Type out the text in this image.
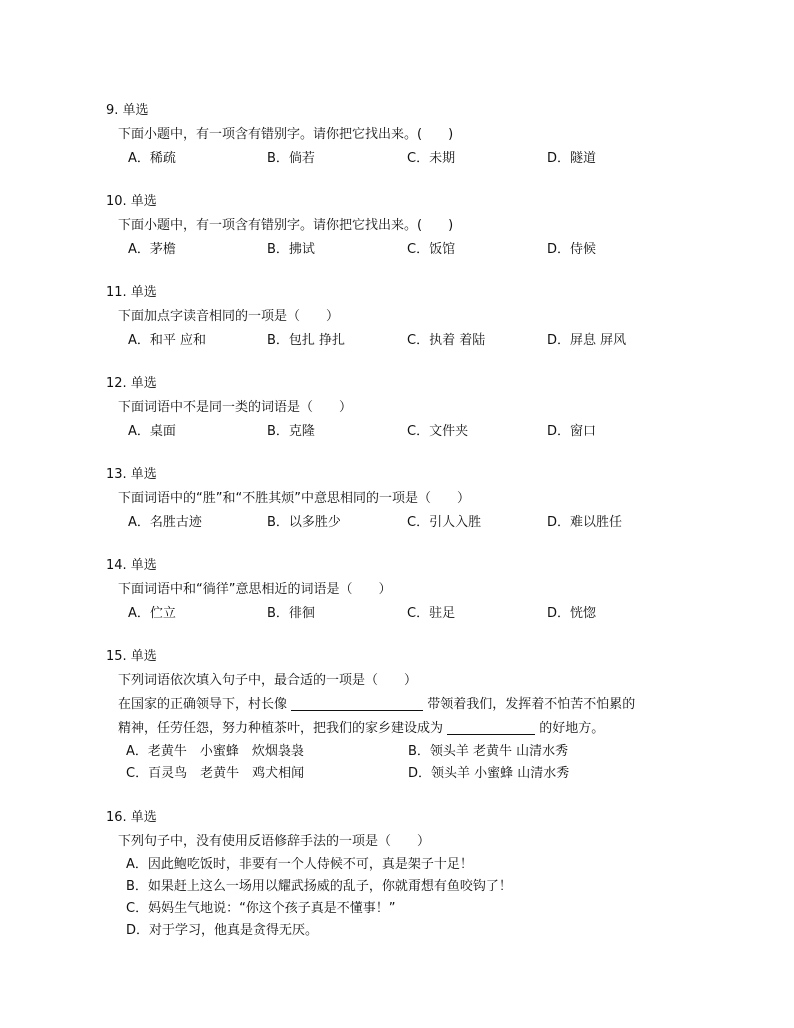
9. 单选
下面小题中，有一项含有错别字。请你把它找出来。(　　)
A．稀疏	B．倘若	C．未期	D．隧道
10. 单选
下面小题中，有一项含有错别字。请你把它找出来。(　　)
A．茅檐	B．拂试	C．饭馆	D．侍候
11. 单选
下面加点字读音相同的一项是（　　）
A．和平 应和	B．包扎 挣扎	C．执着 着陆	D．屏息 屏风
12. 单选
下面词语中不是同一类的词语是（　　）
A．桌面	B．克隆	C．文件夹	D．窗口
13. 单选
下面词语中的“胜”和“不胜其烦”中意思相同的一项是（　　）
A．名胜古迹	B．以多胜少	C．引人入胜	D．难以胜任
14. 单选
下面词语中和“徜徉”意思相近的词语是（　　）
A．伫立	B．徘徊	C．驻足	D．恍惚
15. 单选
下列词语依次填入句子中，最合适的一项是（　　）
在国家的正确领导下，村长像	带领着我们，发挥着不怕苦不怕累的
精神，任劳任怨，努力种植茶叶，把我们的家乡建设成为	的好地方。
A．老黄牛　小蜜蜂　炊烟袅袅	B．领头羊 老黄牛 山清水秀
C．百灵鸟　老黄牛　鸡犬相闻	D．领头羊 小蜜蜂 山清水秀
16. 单选
下列句子中，没有使用反语修辞手法的一项是（　　）
A．因此鲍吃饭时，非要有一个人侍候不可，真是架子十足！
B．如果赶上这么一场用以耀武扬威的乱子，你就甭想有鱼咬钩了！
C．妈妈生气地说：“你这个孩子真是不懂事！”
D．对于学习，他真是贪得无厌。
